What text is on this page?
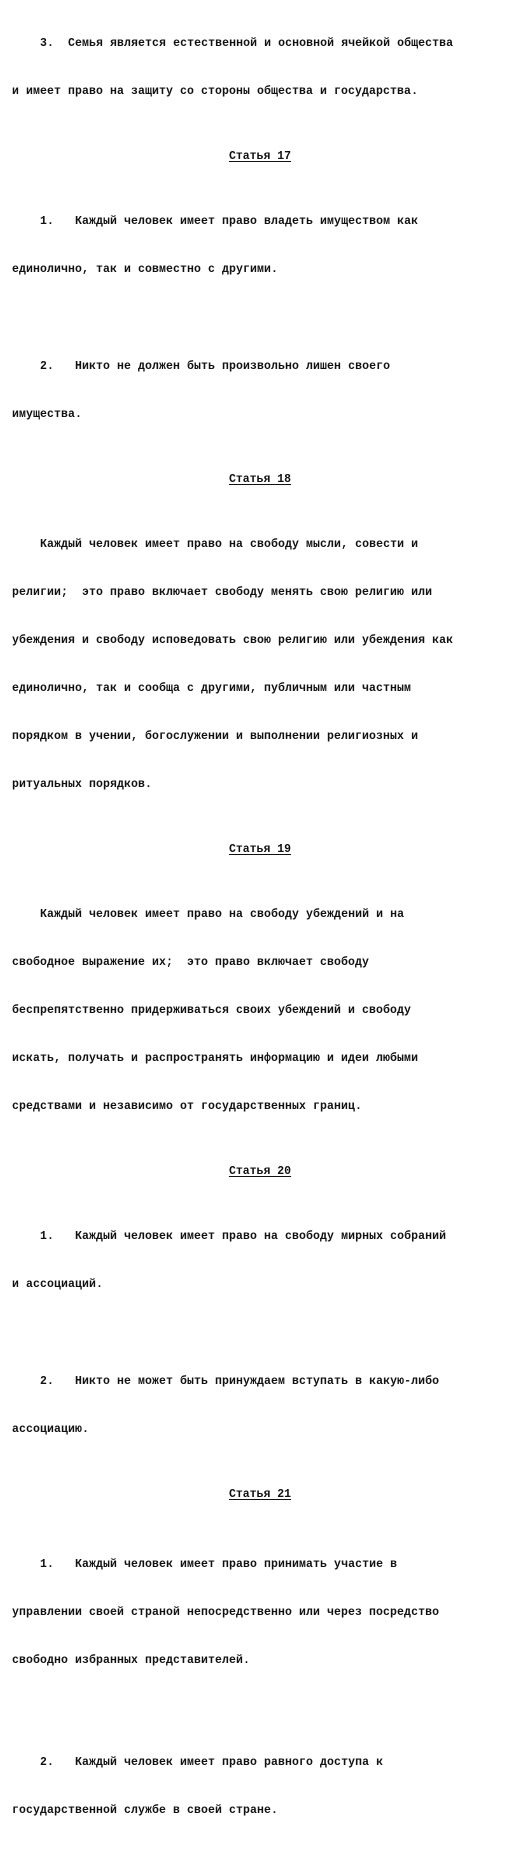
3. Семья является естественной и основной ячейкой общества

и имеет право на защиту со стороны общества и государства.

Статья 17

1.   Каждый человек имеет право владеть имуществом как

единолично, так и совместно с другими.

2.   Никто не должен быть произвольно лишен своего

имущества.

Статья 18

Каждый человек имеет право на свободу мысли, совести и

религии;  это право включает свободу менять свою религию или

убеждения и свободу исповедовать свою религию или убеждения как

единолично, так и сообща с другими, публичным или частным

порядком в учении, богослужении и выполнении религиозных и

ритуальных порядков.

Статья 19

Каждый человек имеет право на свободу убеждений и на

свободное выражение их;  это право включает свободу

беспрепятственно придерживаться своих убеждений и свободу

искать, получать и распространять информацию и идеи любыми

средствами и независимо от государственных границ.

Статья 20

1.   Каждый человек имеет право на свободу мирных собраний

и ассоциаций.

2.   Никто не может быть принуждаем вступать в какую-либо

ассоциацию.

Статья 21

1.   Каждый человек имеет право принимать участие в

управлении своей страной непосредственно или через посредство

свободно избранных представителей.

2.   Каждый человек имеет право равного доступа к

государственной службе в своей стране.
